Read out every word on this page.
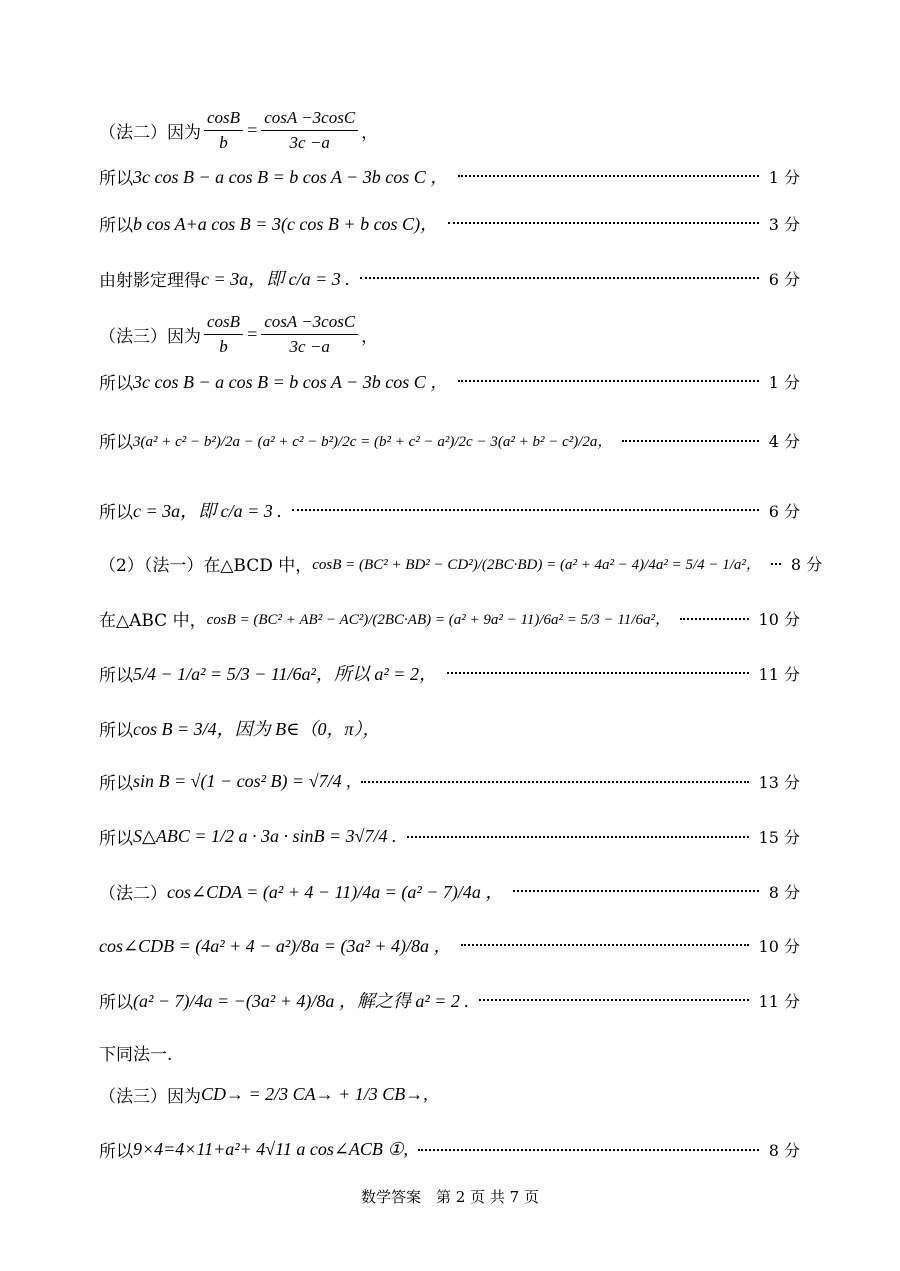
（法二）因为 $\frac{\cos B}{b} = \frac{\cos A -3\cos C}{3c -a}$ ，
所以 3c cos B − a cos B = b cos A − 3b cos C ，	1 分
所以 b cos A+a cos B = 3(c cos B + b cos C)，	3 分
由射影定理得 c = 3a，即 c/a = 3 .	6 分
（法三）因为 $\frac{\cos B}{b} = \frac{\cos A -3\cos C}{3c -a}$ ，
所以 3c cos B − a cos B = b cos A − 3b cos C ，	1 分
所以 3(a² + c² − b²)/2a − (a² + c² − b²)/2c = (b² + c² − a²)/2c − 3(a² + b² − c²)/2a，	4 分
所以 c = 3a，即 c/a = 3 .	6 分
（2）（法一）在△BCD 中， cosB = (BC² + BD² − CD²)/(2BC·BD) = (a² + 4a² − 4)/4a² = 5/4 − 1/a²， 8 分
在△ABC 中， cosB = (BC² + AB² − AC²)/(2BC·AB) = (a² + 9a² − 11)/6a² = 5/3 − 11/6a²，	10 分
所以 5/4 − 1/a² = 5/3 − 11/6a²，所以 a² = 2，	11 分
所以 cos B = 3/4，因为 B∈（0，π），
所以 sin B = √(1 − cos² B) = √7/4 ,	13 分
所以 S△ABC = 1/2 a · 3a · sinB = 3√7/4 .	15 分
（法二） cos∠CDA = (a² + 4 − 11)/4a = (a² − 7)/4a ，	8 分
cos∠CDB = (4a² + 4 − a²)/8a = (3a² + 4)/8a ，	10 分
所以 (a² − 7)/4a = −(3a² + 4)/8a ，解之得 a² = 2 .	11 分
下同法一.
（法三）因为 CD→ = 2/3 CA→ + 1/3 CB→,
所以 9×4=4×11+a²+ 4√11 a cos∠ACB ①,	8 分
数学答案　第 2 页 共 7 页
